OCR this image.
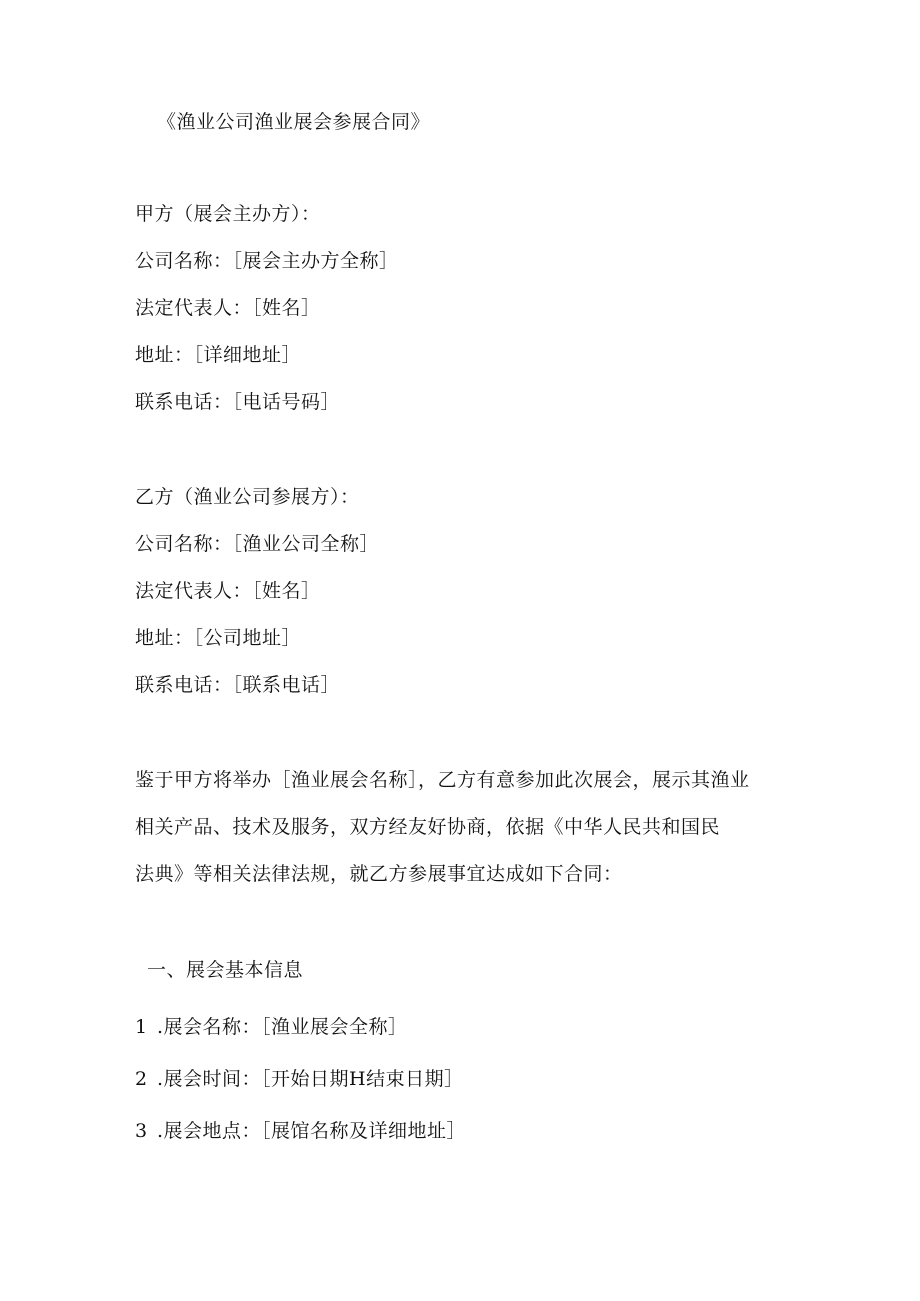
《渔业公司渔业展会参展合同》
甲方（展会主办方）：
公司名称：［展会主办方全称］
法定代表人：［姓名］
地址：［详细地址］
联系电话：［电话号码］
乙方（渔业公司参展方）：
公司名称：［渔业公司全称］
法定代表人：［姓名］
地址：［公司地址］
联系电话：［联系电话］
鉴于甲方将举办［渔业展会名称］，乙方有意参加此次展会，展示其渔业
相关产品、技术及服务，双方经友好协商，依据《中华人民共和国民
法典》等相关法律法规，就乙方参展事宜达成如下合同：
一、展会基本信息
1 .展会名称：［渔业展会全称］
2 .展会时间：［开始日期H结束日期］
3 .展会地点：［展馆名称及详细地址］
